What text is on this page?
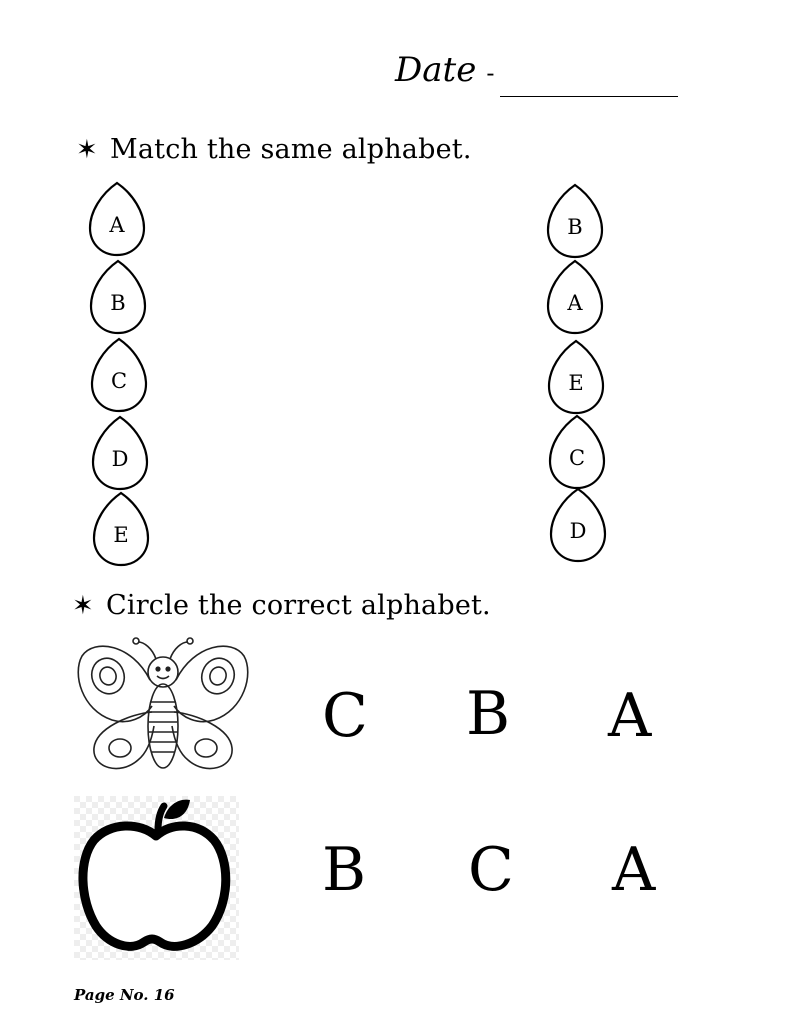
Date -
✶ Match the same alphabet.
A
B
C
D
E
B
A
E
C
D
✶ Circle the correct alphabet.
C B A
B C A
Page No. 16
